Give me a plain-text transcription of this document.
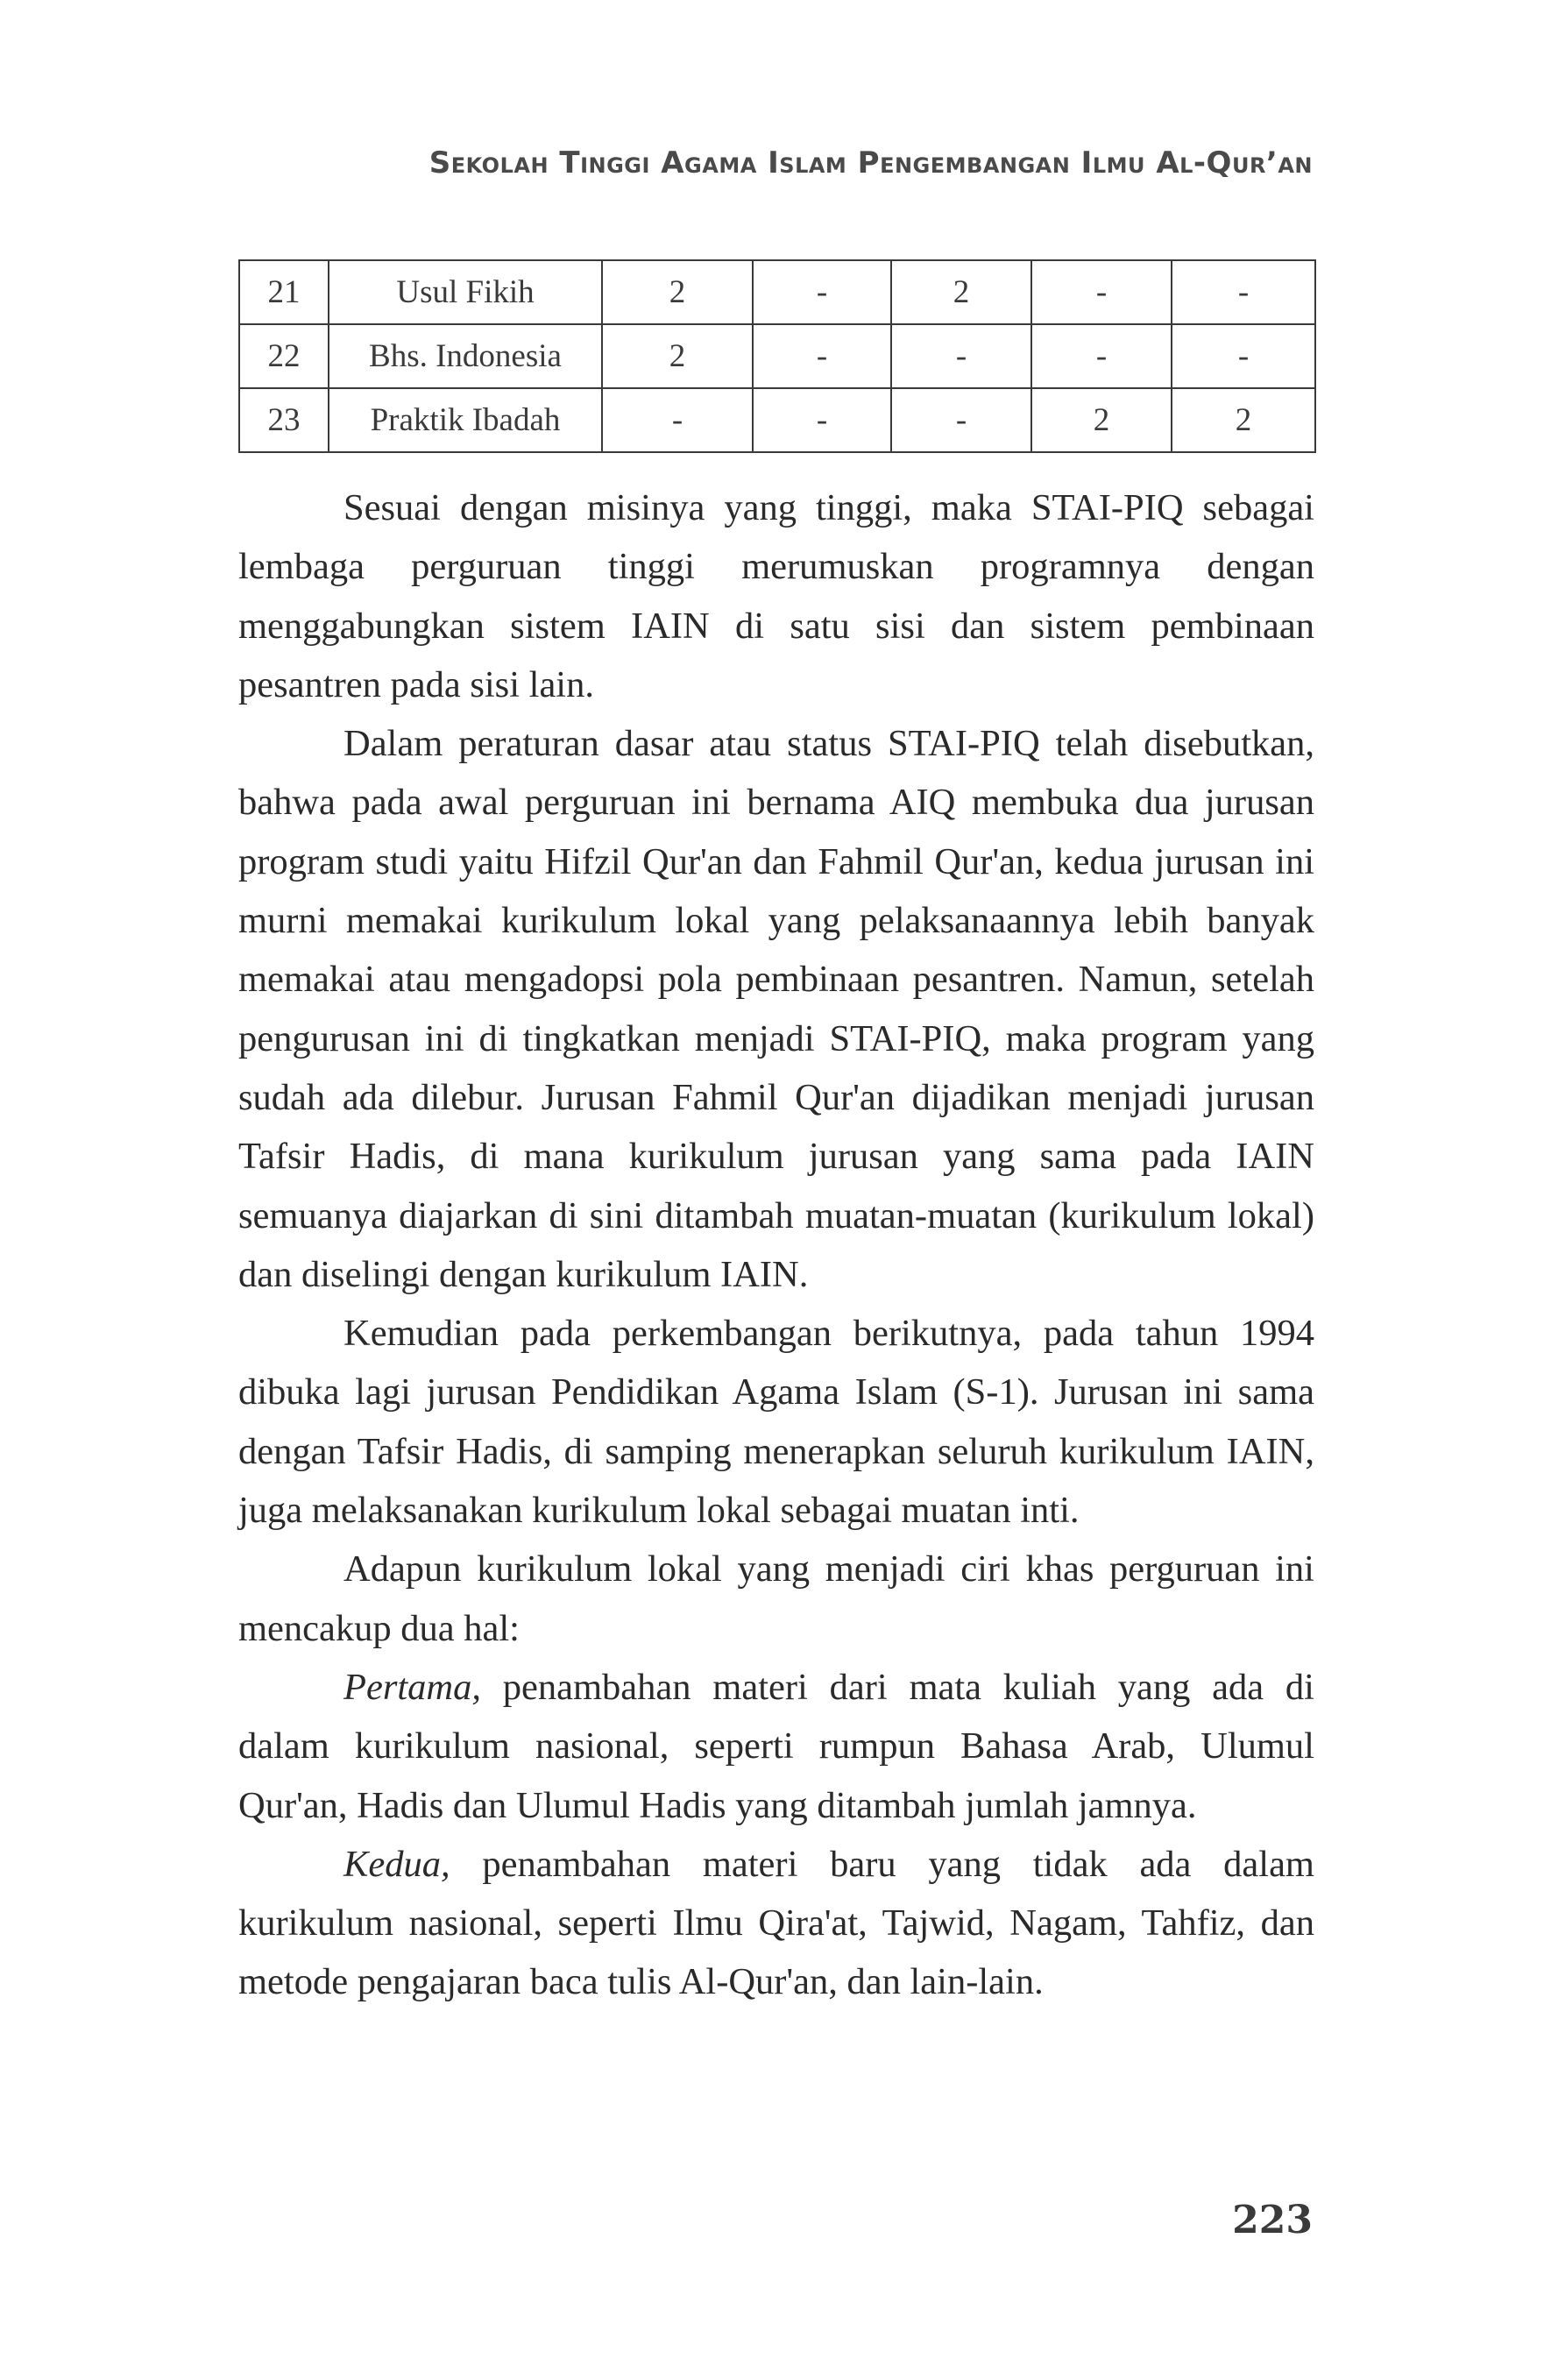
Sekolah Tinggi Agama Islam Pengembangan Ilmu Al-Qur’an
21	Usul Fikih	2	-	2	-	-
22	Bhs. Indonesia	2	-	-	-	-
23	Praktik Ibadah	-	-	-	2	2

Sesuai dengan misinya yang tinggi, maka STAI-PIQ sebagai lembaga perguruan tinggi merumuskan programnya dengan menggabungkan sistem IAIN di satu sisi dan sistem pembinaan pesantren pada sisi lain.

Dalam peraturan dasar atau status STAI-PIQ telah disebutkan, bahwa pada awal perguruan ini bernama AIQ membuka dua jurusan program studi yaitu Hifzil Qur'an dan Fahmil Qur'an, kedua jurusan ini murni memakai kurikulum lokal yang pelaksanaannya lebih banyak memakai atau mengadopsi pola pembinaan pesantren. Namun, setelah pengurusan ini di tingkatkan menjadi STAI-PIQ, maka program yang sudah ada dilebur. Jurusan Fahmil Qur'an dijadikan menjadi jurusan Tafsir Hadis, di mana kurikulum jurusan yang sama pada IAIN semuanya diajarkan di sini ditambah muatan-muatan (kurikulum lokal) dan diselingi dengan kurikulum IAIN.

Kemudian pada perkembangan berikutnya, pada tahun 1994 dibuka lagi jurusan Pendidikan Agama Islam (S-1). Jurusan ini sama dengan Tafsir Hadis, di samping menerapkan seluruh kurikulum IAIN, juga melaksanakan kurikulum lokal sebagai muatan inti.

Adapun kurikulum lokal yang menjadi ciri khas perguruan ini mencakup dua hal:

Pertama, penambahan materi dari mata kuliah yang ada di dalam kurikulum nasional, seperti rumpun Bahasa Arab, Ulumul Qur'an, Hadis dan Ulumul Hadis yang ditambah jumlah jamnya.

Kedua, penambahan materi baru yang tidak ada dalam kurikulum nasional, seperti Ilmu Qira'at, Tajwid, Nagam, Tahfiz, dan metode pengajaran baca tulis Al-Qur'an, dan lain-lain.

223
